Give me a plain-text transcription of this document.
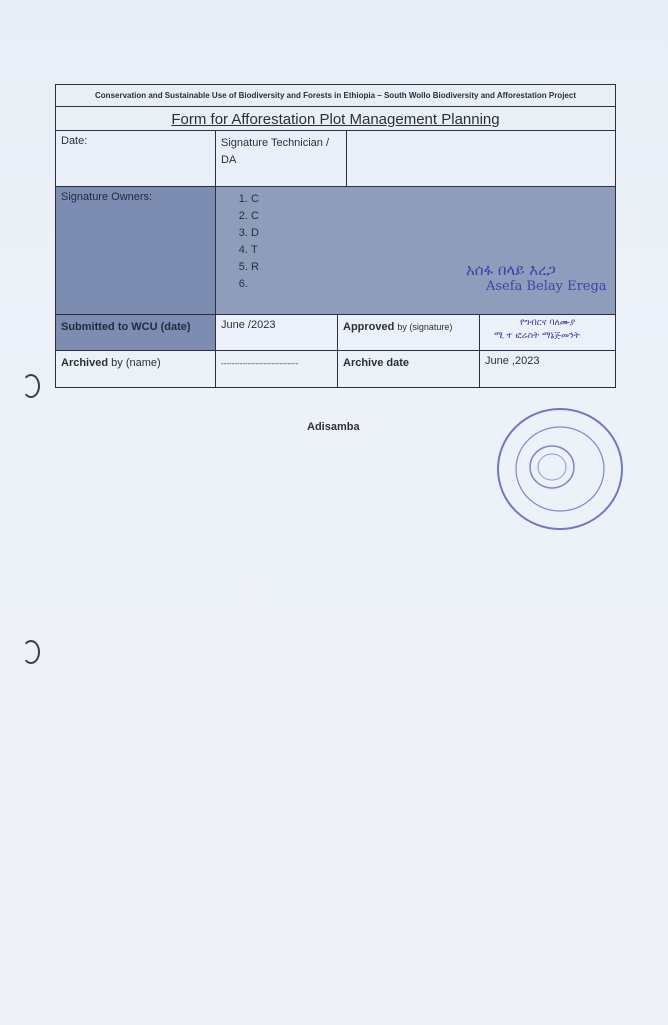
Conservation and Sustainable Use of Biodiversity and Forests in Ethiopia – South Wollo Biodiversity and Afforestation Project
Form for Afforestation Plot Management Planning
Date:	Signature Technician / DA
Signature Owners:
1.	C
2. C
3. D
4. T
5. R
6.	አሰፋ በላይ እረጋ
Asefa Belay Erega
Submitted to WCU (date)	June /2023	Approved by (signature)	የግብርና ባለሙያ
ሚ ተ ፎሬስት ማኔጅመንት
Archived by (name)	-----------------------------	Archive date	June ,2023
Adisamba
